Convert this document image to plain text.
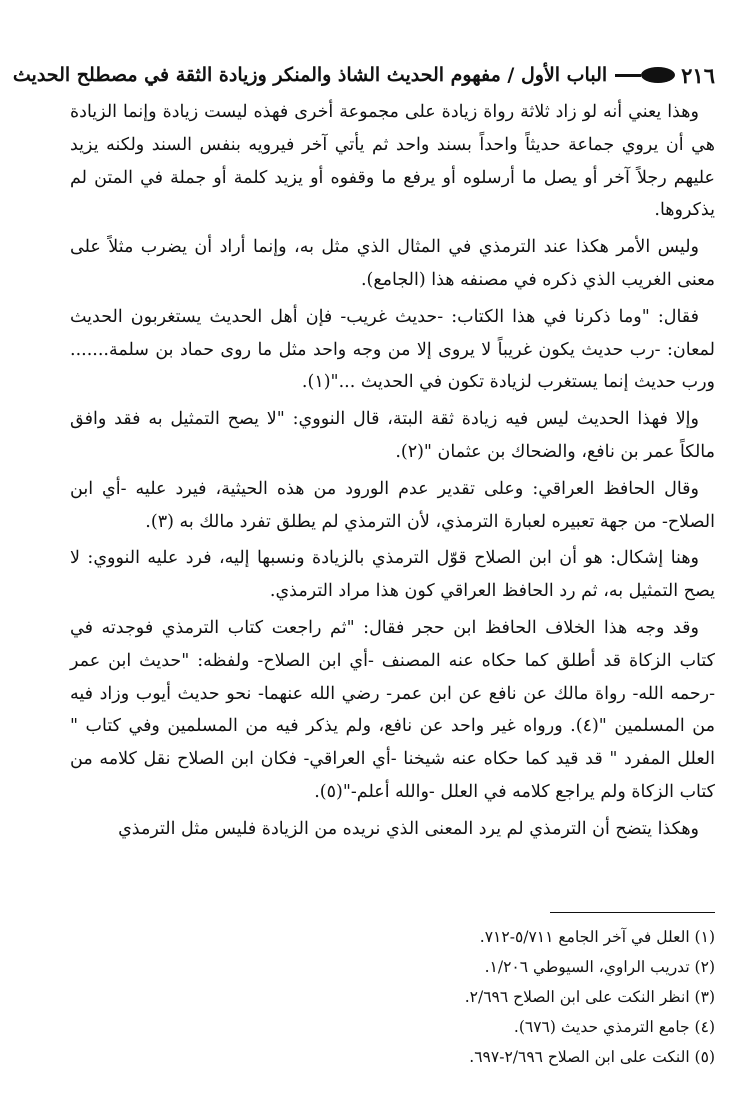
٢١٦
الباب الأول / مفهوم الحديث الشاذ والمنكر وزيادة الثقة في مصطلح الحديث

وهذا يعني أنه لو زاد ثلاثة رواة زيادة على مجموعة أخرى فهذه ليست زيادة وإنما الزيادة هي أن يروي جماعة حديثاً واحداً بسند واحد ثم يأتي آخر فيرويه بنفس السند ولكنه يزيد عليهم رجلاً آخر أو يصل ما أرسلوه أو يرفع ما وقفوه أو يزيد كلمة أو جملة في المتن لم يذكروها.

وليس الأمر هكذا عند الترمذي في المثال الذي مثل به، وإنما أراد أن يضرب مثلاً على معنى الغريب الذي ذكره في مصنفه هذا (الجامع).

فقال: "وما ذكرنا في هذا الكتاب: -حديث غريب- فإن أهل الحديث يستغربون الحديث لمعان: -رب حديث يكون غريباً لا يروى إلا من وجه واحد مثل ما روى حماد بن سلمة....... ورب حديث إنما يستغرب لزيادة تكون في الحديث ..."(١).

وإلا فهذا الحديث ليس فيه زيادة ثقة البتة، قال النووي: "لا يصح التمثيل به فقد وافق مالكاً عمر بن نافع، والضحاك بن عثمان "(٢).

وقال الحافظ العراقي: وعلى تقدير عدم الورود من هذه الحيثية، فيرد عليه -أي ابن الصلاح- من جهة تعبيره لعبارة الترمذي، لأن الترمذي لم يطلق تفرد مالك به (٣).

وهنا إشكال: هو أن ابن الصلاح قوّل الترمذي بالزيادة ونسبها إليه، فرد عليه النووي: لا يصح التمثيل به، ثم رد الحافظ العراقي كون هذا مراد الترمذي.

وقد وجه هذا الخلاف الحافظ ابن حجر فقال: "ثم راجعت كتاب الترمذي فوجدته في كتاب الزكاة قد أطلق كما حكاه عنه المصنف -أي ابن الصلاح- ولفظه: "حديث ابن عمر -رحمه الله- رواة مالك عن نافع عن ابن عمر- رضي الله عنهما- نحو حديث أيوب وزاد فيه من المسلمين "(٤). ورواه غير واحد عن نافع، ولم يذكر فيه من المسلمين وفي كتاب " العلل المفرد " قد قيد كما حكاه عنه شيخنا -أي العراقي- فكان ابن الصلاح نقل كلامه من كتاب الزكاة ولم يراجع كلامه في العلل -والله أعلم-"(٥).

وهكذا يتضح أن الترمذي لم يرد المعنى الذي نريده من الزيادة فليس مثل الترمذي

(١) العلل في آخر الجامع ٥/٧١١-٧١٢.

(٢) تدريب الراوي، السيوطي ١/٢٠٦.

(٣) انظر النكت على ابن الصلاح ٢/٦٩٦.

(٤) جامع الترمذي حديث (٦٧٦).

(٥) النكت على ابن الصلاح ٢/٦٩٦-٦٩٧.
